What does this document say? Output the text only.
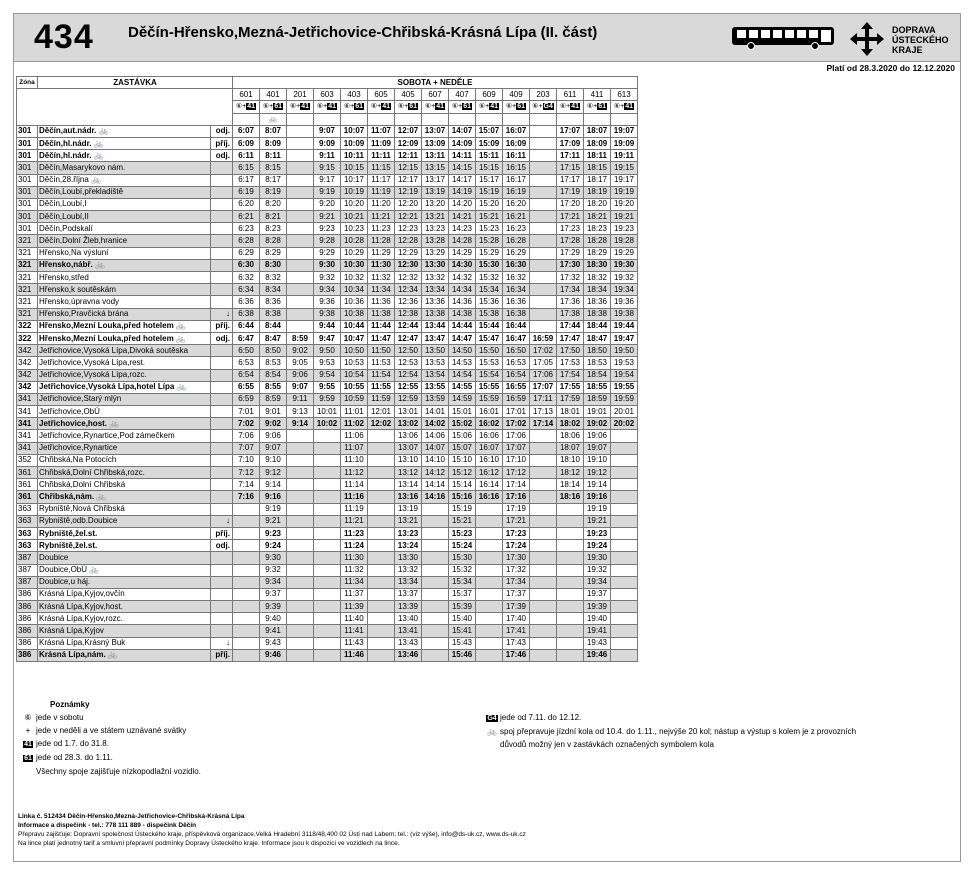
434 Děčín-Hřensko,Mezná-Jetřichovice-Chřibská-Krásná Lípa (II. část)	DOPRAVA
ÚSTECKÉHO
KRAJE
Platí od 28.3.2020 do 12.12.2020
Zóna	ZASTÁVKA		SOBOTA + NEDĚLE														
			601	401	201	603	403	605	405	607	407	609	409	203	611	411	613
			⑥+41	⑥+61	⑥+41	⑥+41	⑥+61	⑥+41	⑥+61	⑥+41	⑥+61	⑥+41	⑥+61	⑥+G4	⑥+41	⑥+61	⑥+41
				🚲													
301	Děčín,aut.nádr. 🚲	odj.	6:07	8:07		9:07	10:07	11:07	12:07	13:07	14:07	15:07	16:07		17:07	18:07	19:07
301	Děčín,hl.nádr. 🚲	příj.	6:09	8:09		9:09	10:09	11:09	12:09	13:09	14:09	15:09	16:09		17:09	18:09	19:09
301	Děčín,hl.nádr. 🚲	odj.	6:11	8:11		9:11	10:11	11:11	12:11	13:11	14:11	15:11	16:11		17:11	18:11	19:11
301	Děčín,Masarykovo nám.		6:15	8:15		9:15	10:15	11:15	12:15	13:15	14:15	15:15	16:15		17:15	18:15	19:15
301	Děčín,28.října 🚲		6:17	8:17		9:17	10:17	11:17	12:17	13:17	14:17	15:17	16:17		17:17	18:17	19:17
301	Děčín,Loubí,překladiště		6:19	8:19		9:19	10:19	11:19	12:19	13:19	14:19	15:19	16:19		17:19	18:19	19:19
301	Děčín,Loubí,I		6:20	8:20		9:20	10:20	11:20	12:20	13:20	14:20	15:20	16:20		17:20	18:20	19:20
301	Děčín,Loubí,II		6:21	8:21		9:21	10:21	11:21	12:21	13:21	14:21	15:21	16:21		17:21	18:21	19:21
301	Děčín,Podskalí		6:23	8:23		9:23	10:23	11:23	12:23	13:23	14:23	15:23	16:23		17:23	18:23	19:23
321	Děčín,Dolní Žleb,hranice		6:28	8:28		9:28	10:28	11:28	12:28	13:28	14:28	15:28	16:28		17:28	18:28	19:28
321	Hřensko,Na výsluní		6:29	8:29		9:29	10:29	11:29	12:29	13:29	14:29	15:29	16:29		17:29	18:29	19:29
321	Hřensko,nábř. 🚲		6:30	8:30		9:30	10:30	11:30	12:30	13:30	14:30	15:30	16:30		17:30	18:30	19:30
321	Hřensko,střed		6:32	8:32		9:32	10:32	11:32	12:32	13:32	14:32	15:32	16:32		17:32	18:32	19:32
321	Hřensko,k soutěskám		6:34	8:34		9:34	10:34	11:34	12:34	13:34	14:34	15:34	16:34		17:34	18:34	19:34
321	Hřensko,úpravna vody		6:36	8:36		9:36	10:36	11:36	12:36	13:36	14:36	15:36	16:36		17:36	18:36	19:36
321	Hřensko,Pravčická brána	↓	6:38	8:38		9:38	10:38	11:38	12:38	13:38	14:38	15:38	16:38		17:38	18:38	19:38
322	Hřensko,Mezní Louka,před hotelem 🚲	příj.	6:44	8:44		9:44	10:44	11:44	12:44	13:44	14:44	15:44	16:44		17:44	18:44	19:44
322	Hřensko,Mezní Louka,před hotelem 🚲	odj.	6:47	8:47	8:59	9:47	10:47	11:47	12:47	13:47	14:47	15:47	16:47	16:59	17:47	18:47	19:47
342	Jetřichovice,Vysoká Lípa,Divoká soutěska		6:50	8:50	9:02	9:50	10:50	11:50	12:50	13:50	14:50	15:50	16:50	17:02	17:50	18:50	19:50
342	Jetřichovice,Vysoká Lípa,rest.		6:53	8:53	9:05	9:53	10:53	11:53	12:53	13:53	14:53	15:53	16:53	17:05	17:53	18:53	19:53
342	Jetřichovice,Vysoká Lípa,rozc.		6:54	8:54	9:06	9:54	10:54	11:54	12:54	13:54	14:54	15:54	16:54	17:06	17:54	18:54	19:54
342	Jetřichovice,Vysoká Lípa,hotel Lípa 🚲		6:55	8:55	9:07	9:55	10:55	11:55	12:55	13:55	14:55	15:55	16:55	17:07	17:55	18:55	19:55
341	Jetřichovice,Starý mlýn		6:59	8:59	9:11	9:59	10:59	11:59	12:59	13:59	14:59	15:59	16:59	17:11	17:59	18:59	19:59
341	Jetřichovice,ObÚ		7:01	9:01	9:13	10:01	11:01	12:01	13:01	14:01	15:01	16:01	17:01	17:13	18:01	19:01	20:01
341	Jetřichovice,host. 🚲		7:02	9:02	9:14	10:02	11:02	12:02	13:02	14:02	15:02	16:02	17:02	17:14	18:02	19:02	20:02
341	Jetřichovice,Rynartice,Pod zámečkem		7:06	9:06			11:06		13:06	14:06	15:06	16:06	17:06		18:06	19:06	
341	Jetřichovice,Rynartice		7:07	9:07			11:07		13:07	14:07	15:07	16:07	17:07		18:07	19:07	
352	Chřibská,Na Potocích		7:10	9:10			11:10		13:10	14:10	15:10	16:10	17:10		18:10	19:10	
361	Chřibská,Dolní Chřibská,rozc.		7:12	9:12			11:12		13:12	14:12	15:12	16:12	17:12		18:12	19:12	
361	Chřibská,Dolní Chřibská		7:14	9:14			11:14		13:14	14:14	15:14	16:14	17:14		18:14	19:14	
361	Chřibská,nám. 🚲		7:16	9:16			11:16		13:16	14:16	15:16	16:16	17:16		18:16	19:16	
363	Rybniště,Nová Chřibská			9:19			11:19		13:19		15:19		17:19			19:19	
363	Rybniště,odb.Doubice	↓		9:21			11:21		13:21		15:21		17:21			19:21	
363	Rybniště,žel.st.	příj.		9:23			11:23		13:23		15:23		17:23			19:23	
363	Rybniště,žel.st.	odj.		9:24			11:24		13:24		15:24		17:24			19:24	
387	Doubice			9:30			11:30		13:30		15:30		17:30			19:30	
387	Doubice,ObÚ 🚲			9:32			11:32		13:32		15:32		17:32			19:32	
387	Doubice,u háj.			9:34			11:34		13:34		15:34		17:34			19:34	
386	Krásná Lípa,Kyjov,ovčín			9:37			11:37		13:37		15:37		17:37			19:37	
386	Krásná Lípa,Kyjov,host.			9:39			11:39		13:39		15:39		17:39			19:39	
386	Krásná Lípa,Kyjov,rozc.			9:40			11:40		13:40		15:40		17:40			19:40	
386	Krásná Lípa,Kyjov			9:41			11:41		13:41		15:41		17:41			19:41	
386	Krásná Lípa,Krásný Buk	↓		9:43			11:43		13:43		15:43		17:43			19:43	
386	Krásná Lípa,nám. 🚲	příj.		9:46			11:46		13:46		15:46		17:46			19:46	
Poznámky
⑥ jede v sobotu
+ jede v neděli a ve státem uznávané svátky
41 jede od 1.7. do 31.8.
61 jede od 28.3. do 1.11.
Všechny spoje zajišťuje nízkopodlažní vozidlo.
G4 jede od 7.11. do 12.12.
🚲 spoj přepravuje jízdní kola od 10.4. do 1.11., nejvýše 20 kol; nástup a výstup s kolem je z provozních
důvodů možný jen v zastávkách označených symbolem kola
Linka č. 512434 Děčín-Hřensko,Mezná-Jetřichovice-Chřibská-Krásná Lípa
Informace a dispečink - tel.: 778 111 889 - dispečink Děčín
Přepravu zajišťuje: Dopravní společnost Ústeckého kraje, příspěvková organizace,Velká Hradební 3118/48,400 02 Ústí nad Labem; tel.: (viz výše), info@ds-uk.cz, www.ds-uk.cz
Na lince platí jednotný tarif a smluvní přepravní podmínky Dopravy Ústeckého kraje. Informace jsou k dispozici ve vozidlech na lince.
